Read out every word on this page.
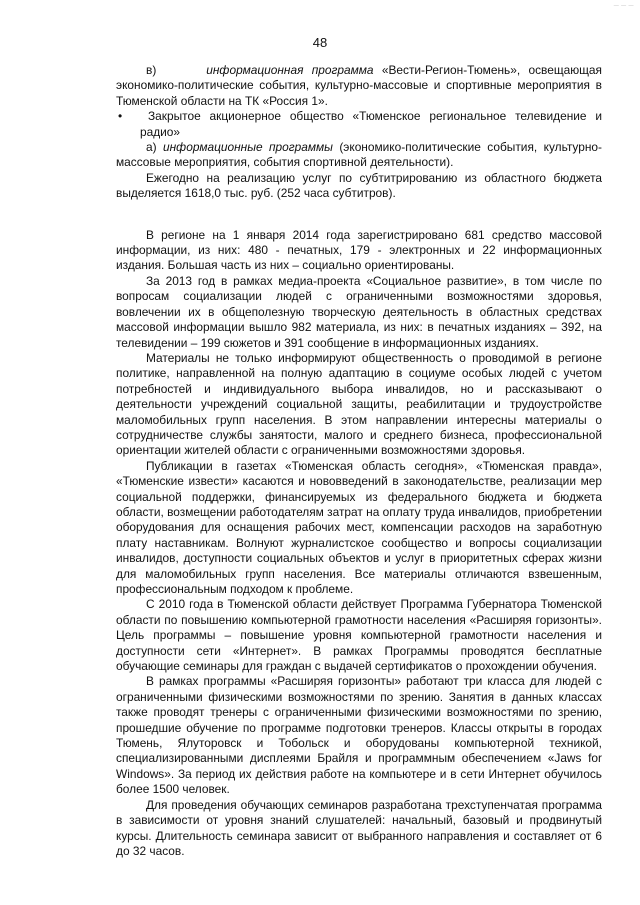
— — —
48

в)	информационная программа «Вести-Регион-Тюмень», освещающая экономико-политические события, культурно-массовые и спортивные мероприятия в Тюменской области на ТК «Россия 1».

•	Закрытое акционерное общество «Тюменское региональное телевидение и радио»

а) информационные программы (экономико-политические события, культурно-массовые мероприятия, события спортивной деятельности).

Ежегодно на реализацию услуг по субтитрированию из областного бюджета выделяется 1618,0 тыс. руб. (252 часа субтитров).

В регионе на 1 января 2014 года зарегистрировано 681 средство массовой информации, из них: 480 - печатных, 179 - электронных и 22 информационных издания. Большая часть из них – социально ориентированы.

За 2013 год в рамках медиа-проекта «Социальное развитие», в том числе по вопросам социализации людей с ограниченными возможностями здоровья, вовлечении их в общеполезную творческую деятельность в областных средствах массовой информации вышло 982 материала, из них: в печатных изданиях – 392, на телевидении – 199 сюжетов и 391 сообщение в информационных изданиях.

Материалы не только информируют общественность о проводимой в регионе политике, направленной на полную адаптацию в социуме особых людей с учетом потребностей и индивидуального выбора инвалидов, но и рассказывают о деятельности учреждений социальной защиты, реабилитации и трудоустройстве маломобильных групп населения. В этом направлении интересны материалы о сотрудничестве службы занятости, малого и среднего бизнеса, профессиональной ориентации жителей области с ограниченными возможностями здоровья.

Публикации в газетах «Тюменская область сегодня», «Тюменская правда», «Тюменские извести» касаются и нововведений в законодательстве, реализации мер социальной поддержки, финансируемых из федерального бюджета и бюджета области, возмещении работодателям затрат на оплату труда инвалидов, приобретении оборудования для оснащения рабочих мест, компенсации расходов на заработную плату наставникам. Волнуют журналистское сообщество и вопросы социализации инвалидов, доступности социальных объектов и услуг в приоритетных сферах жизни для маломобильных групп населения. Все материалы отличаются взвешенным, профессиональным подходом к проблеме.

С 2010 года в Тюменской области действует Программа Губернатора Тюменской области по повышению компьютерной грамотности населения «Расширяя горизонты». Цель программы – повышение уровня компьютерной грамотности населения и доступности сети «Интернет». В рамках Программы проводятся бесплатные обучающие семинары для граждан с выдачей сертификатов о прохождении обучения.

В рамках программы «Расширяя горизонты» работают три класса для людей с ограниченными физическими возможностями по зрению. Занятия в данных классах также проводят тренеры с ограниченными физическими возможностями по зрению, прошедшие обучение по программе подготовки тренеров. Классы открыты в городах Тюмень, Ялуторовск и Тобольск и оборудованы компьютерной техникой, специализированными дисплеями Брайля и программным обеспечением «Jaws for Windows». За период их действия работе на компьютере и в сети Интернет обучилось более 1500 человек.

Для проведения обучающих семинаров разработана трехступенчатая программа в зависимости от уровня знаний слушателей: начальный, базовый и продвинутый курсы. Длительность семинара зависит от выбранного направления и составляет от 6 до 32 часов.
